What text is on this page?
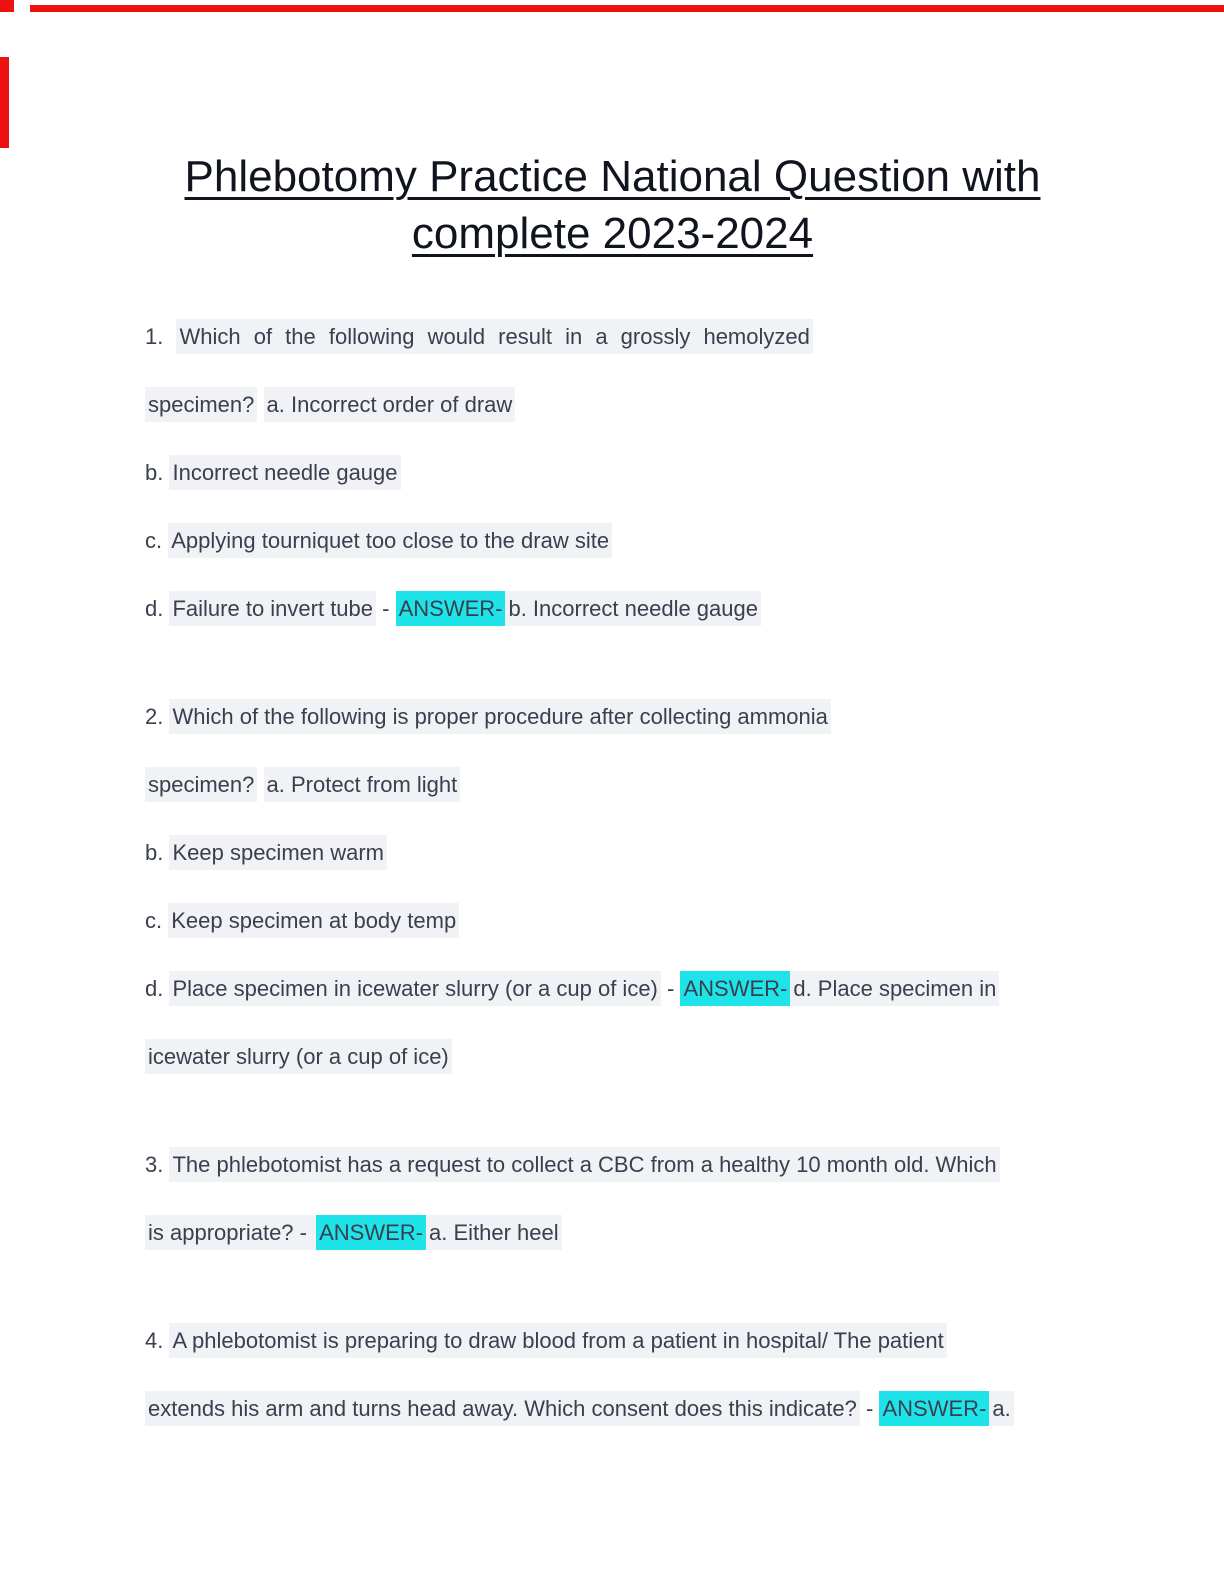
Phlebotomy Practice National Question with
complete 2023-2024
1. Which of the following would result in a grossly hemolyzed
specimen? a. Incorrect order of draw
b. Incorrect needle gauge
c. Applying tourniquet too close to the draw site
d. Failure to invert tube - ANSWER- b. Incorrect needle gauge
2. Which of the following is proper procedure after collecting ammonia
specimen? a. Protect from light
b. Keep specimen warm
c. Keep specimen at body temp
d. Place specimen in icewater slurry (or a cup of ice) - ANSWER- d. Place specimen in
icewater slurry (or a cup of ice)
3. The phlebotomist has a request to collect a CBC from a healthy 10 month old. Which
is appropriate? - ANSWER- a. Either heel
4. A phlebotomist is preparing to draw blood from a patient in hospital/ The patient
extends his arm and turns head away. Which consent does this indicate? - ANSWER- a.
